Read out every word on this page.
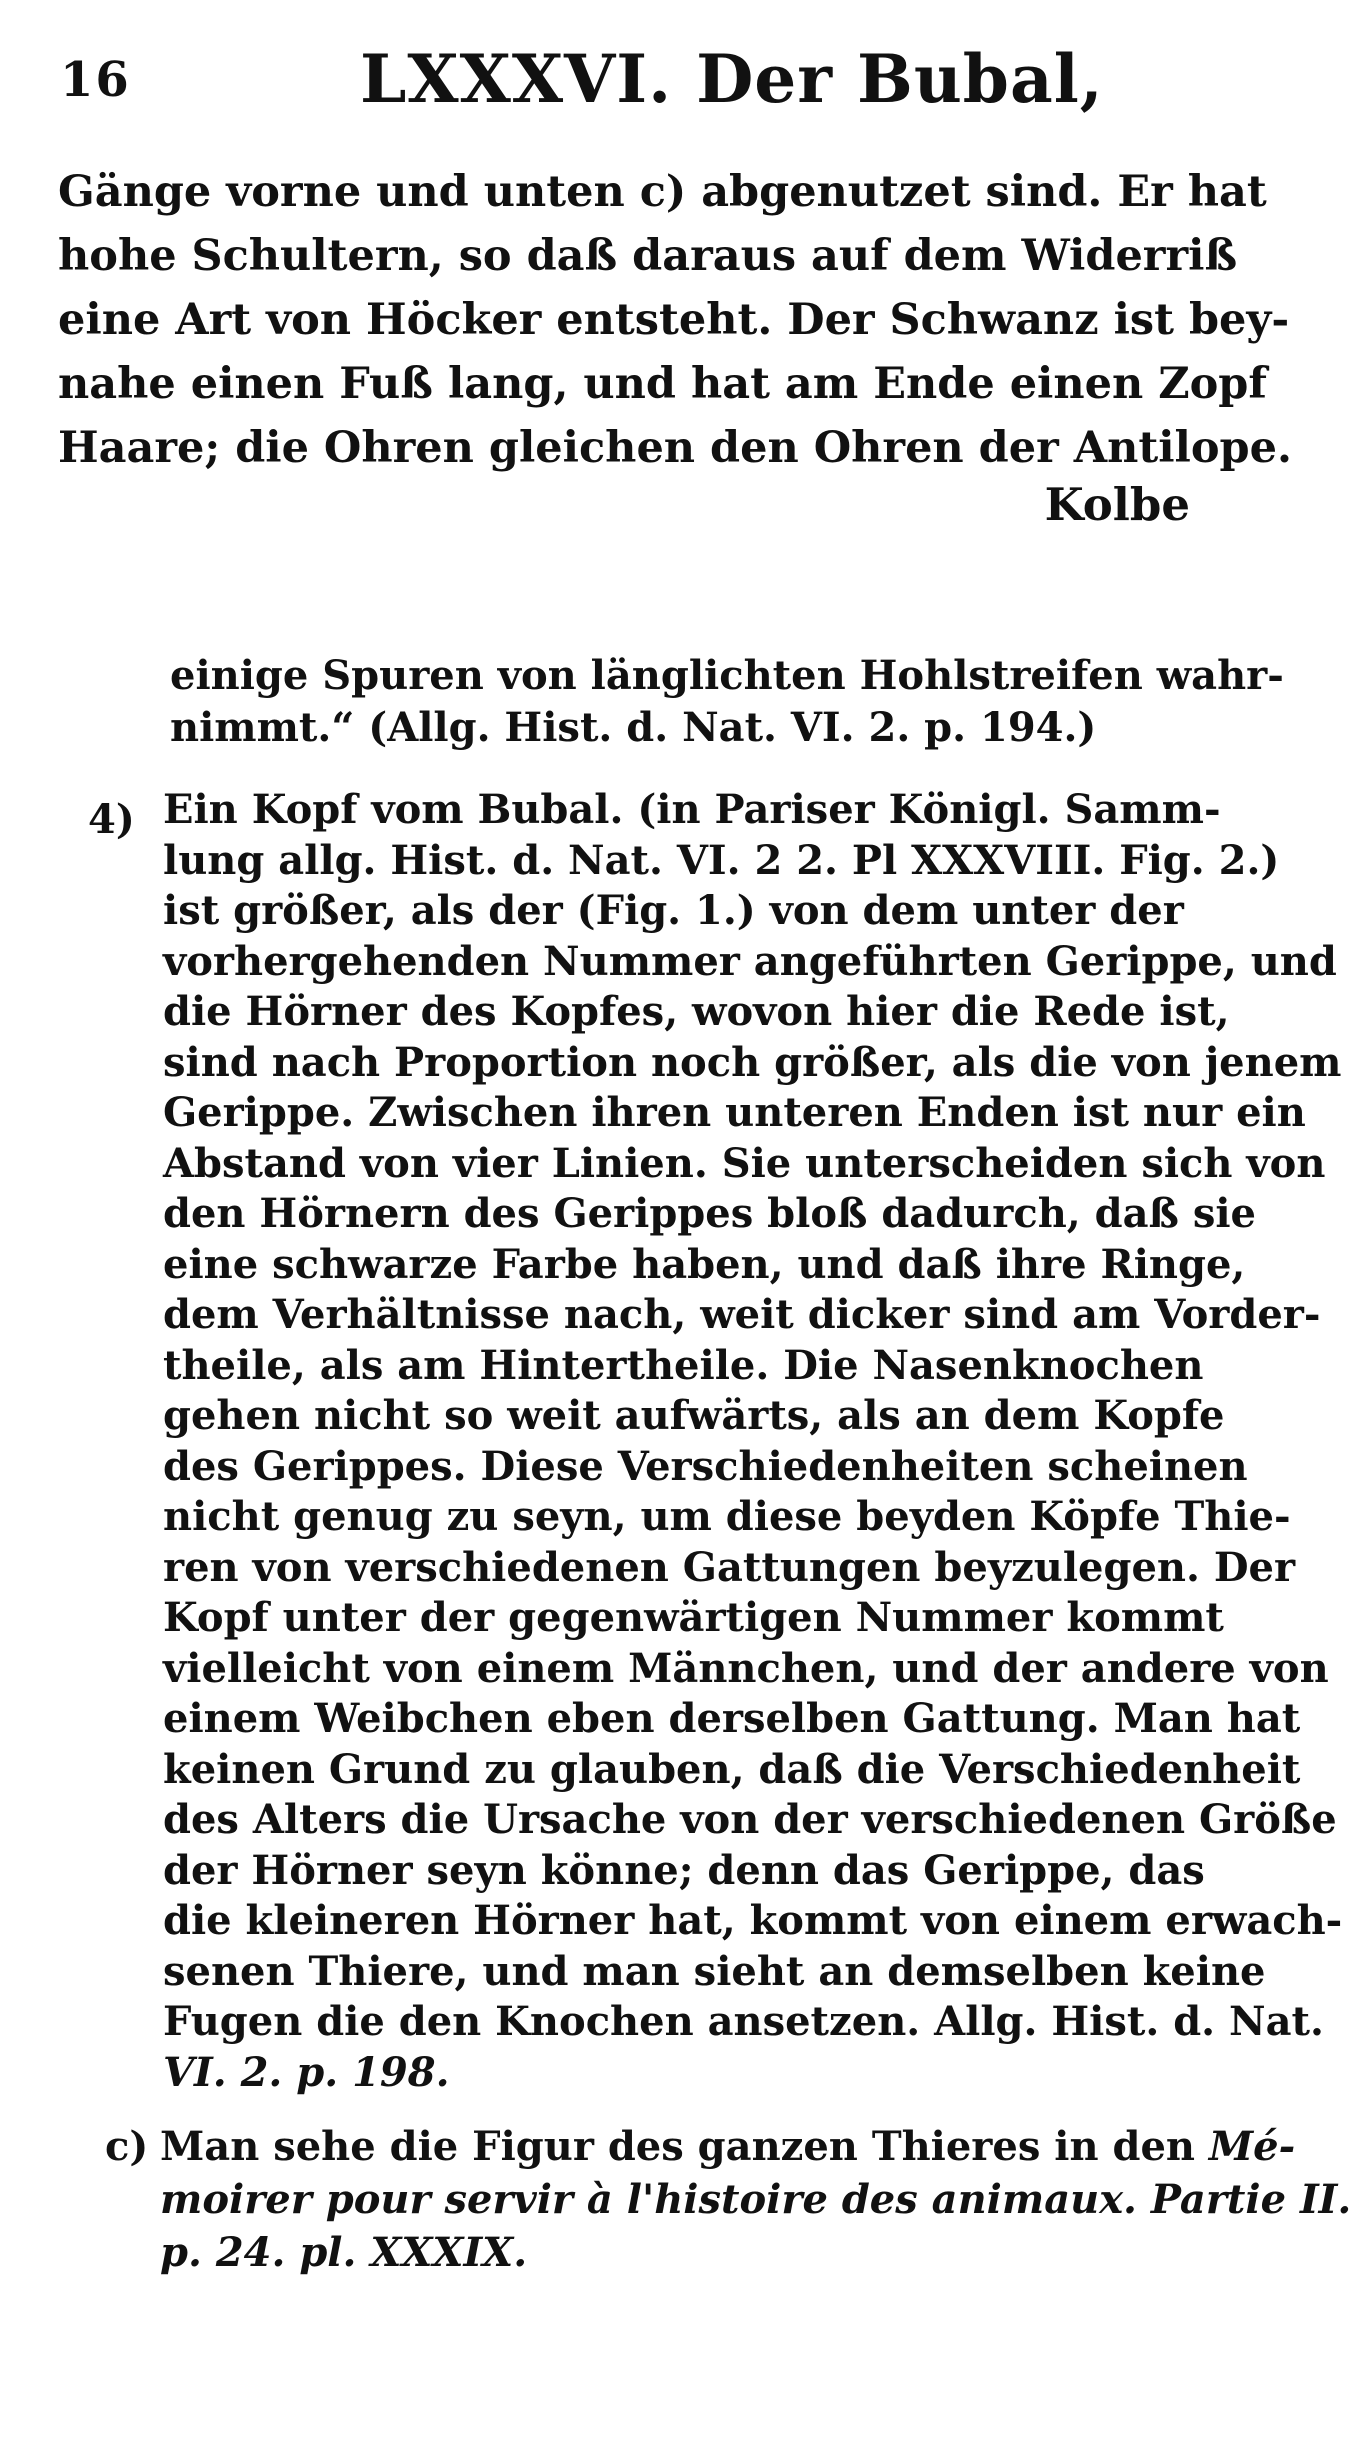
16	LXXXVI. Der Bubal,
Gänge vorne und unten c) abgenutzet sind. Er hat
hohe Schultern, so daß daraus auf dem Widerriß
eine Art von Höcker entsteht. Der Schwanz ist bey-
nahe einen Fuß lang, und hat am Ende einen Zopf
Haare; die Ohren gleichen den Ohren der Antilope.
Kolbe
einige Spuren von länglichten Hohlstreifen wahr-
nimmt.“ (Allg. Hist. d. Nat. VI. 2. p. 194.)
4) Ein Kopf vom Bubal. (in Pariser Königl. Samm-
lung allg. Hist. d. Nat. VI. 2 2. Pl XXXVIII. Fig. 2.)
ist größer, als der (Fig. 1.) von dem unter der
vorhergehenden Nummer angeführten Gerippe, und
die Hörner des Kopfes, wovon hier die Rede ist,
sind nach Proportion noch größer, als die von jenem
Gerippe. Zwischen ihren unteren Enden ist nur ein
Abstand von vier Linien. Sie unterscheiden sich von
den Hörnern des Gerippes bloß dadurch, daß sie
eine schwarze Farbe haben, und daß ihre Ringe,
dem Verhältnisse nach, weit dicker sind am Vorder-
theile, als am Hintertheile. Die Nasenknochen
gehen nicht so weit aufwärts, als an dem Kopfe
des Gerippes. Diese Verschiedenheiten scheinen
nicht genug zu seyn, um diese beyden Köpfe Thie-
ren von verschiedenen Gattungen beyzulegen. Der
Kopf unter der gegenwärtigen Nummer kommt
vielleicht von einem Männchen, und der andere von
einem Weibchen eben derselben Gattung. Man hat
keinen Grund zu glauben, daß die Verschiedenheit
des Alters die Ursache von der verschiedenen Größe
der Hörner seyn könne; denn das Gerippe, das
die kleineren Hörner hat, kommt von einem erwach-
senen Thiere, und man sieht an demselben keine
Fugen die den Knochen ansetzen. Allg. Hist. d. Nat.
VI. 2. p. 198.
c) Man sehe die Figur des ganzen Thieres in den Mé-
moirer pour servir à l'histoire des animaux. Partie II.
p. 24. pl. XXXIX.
